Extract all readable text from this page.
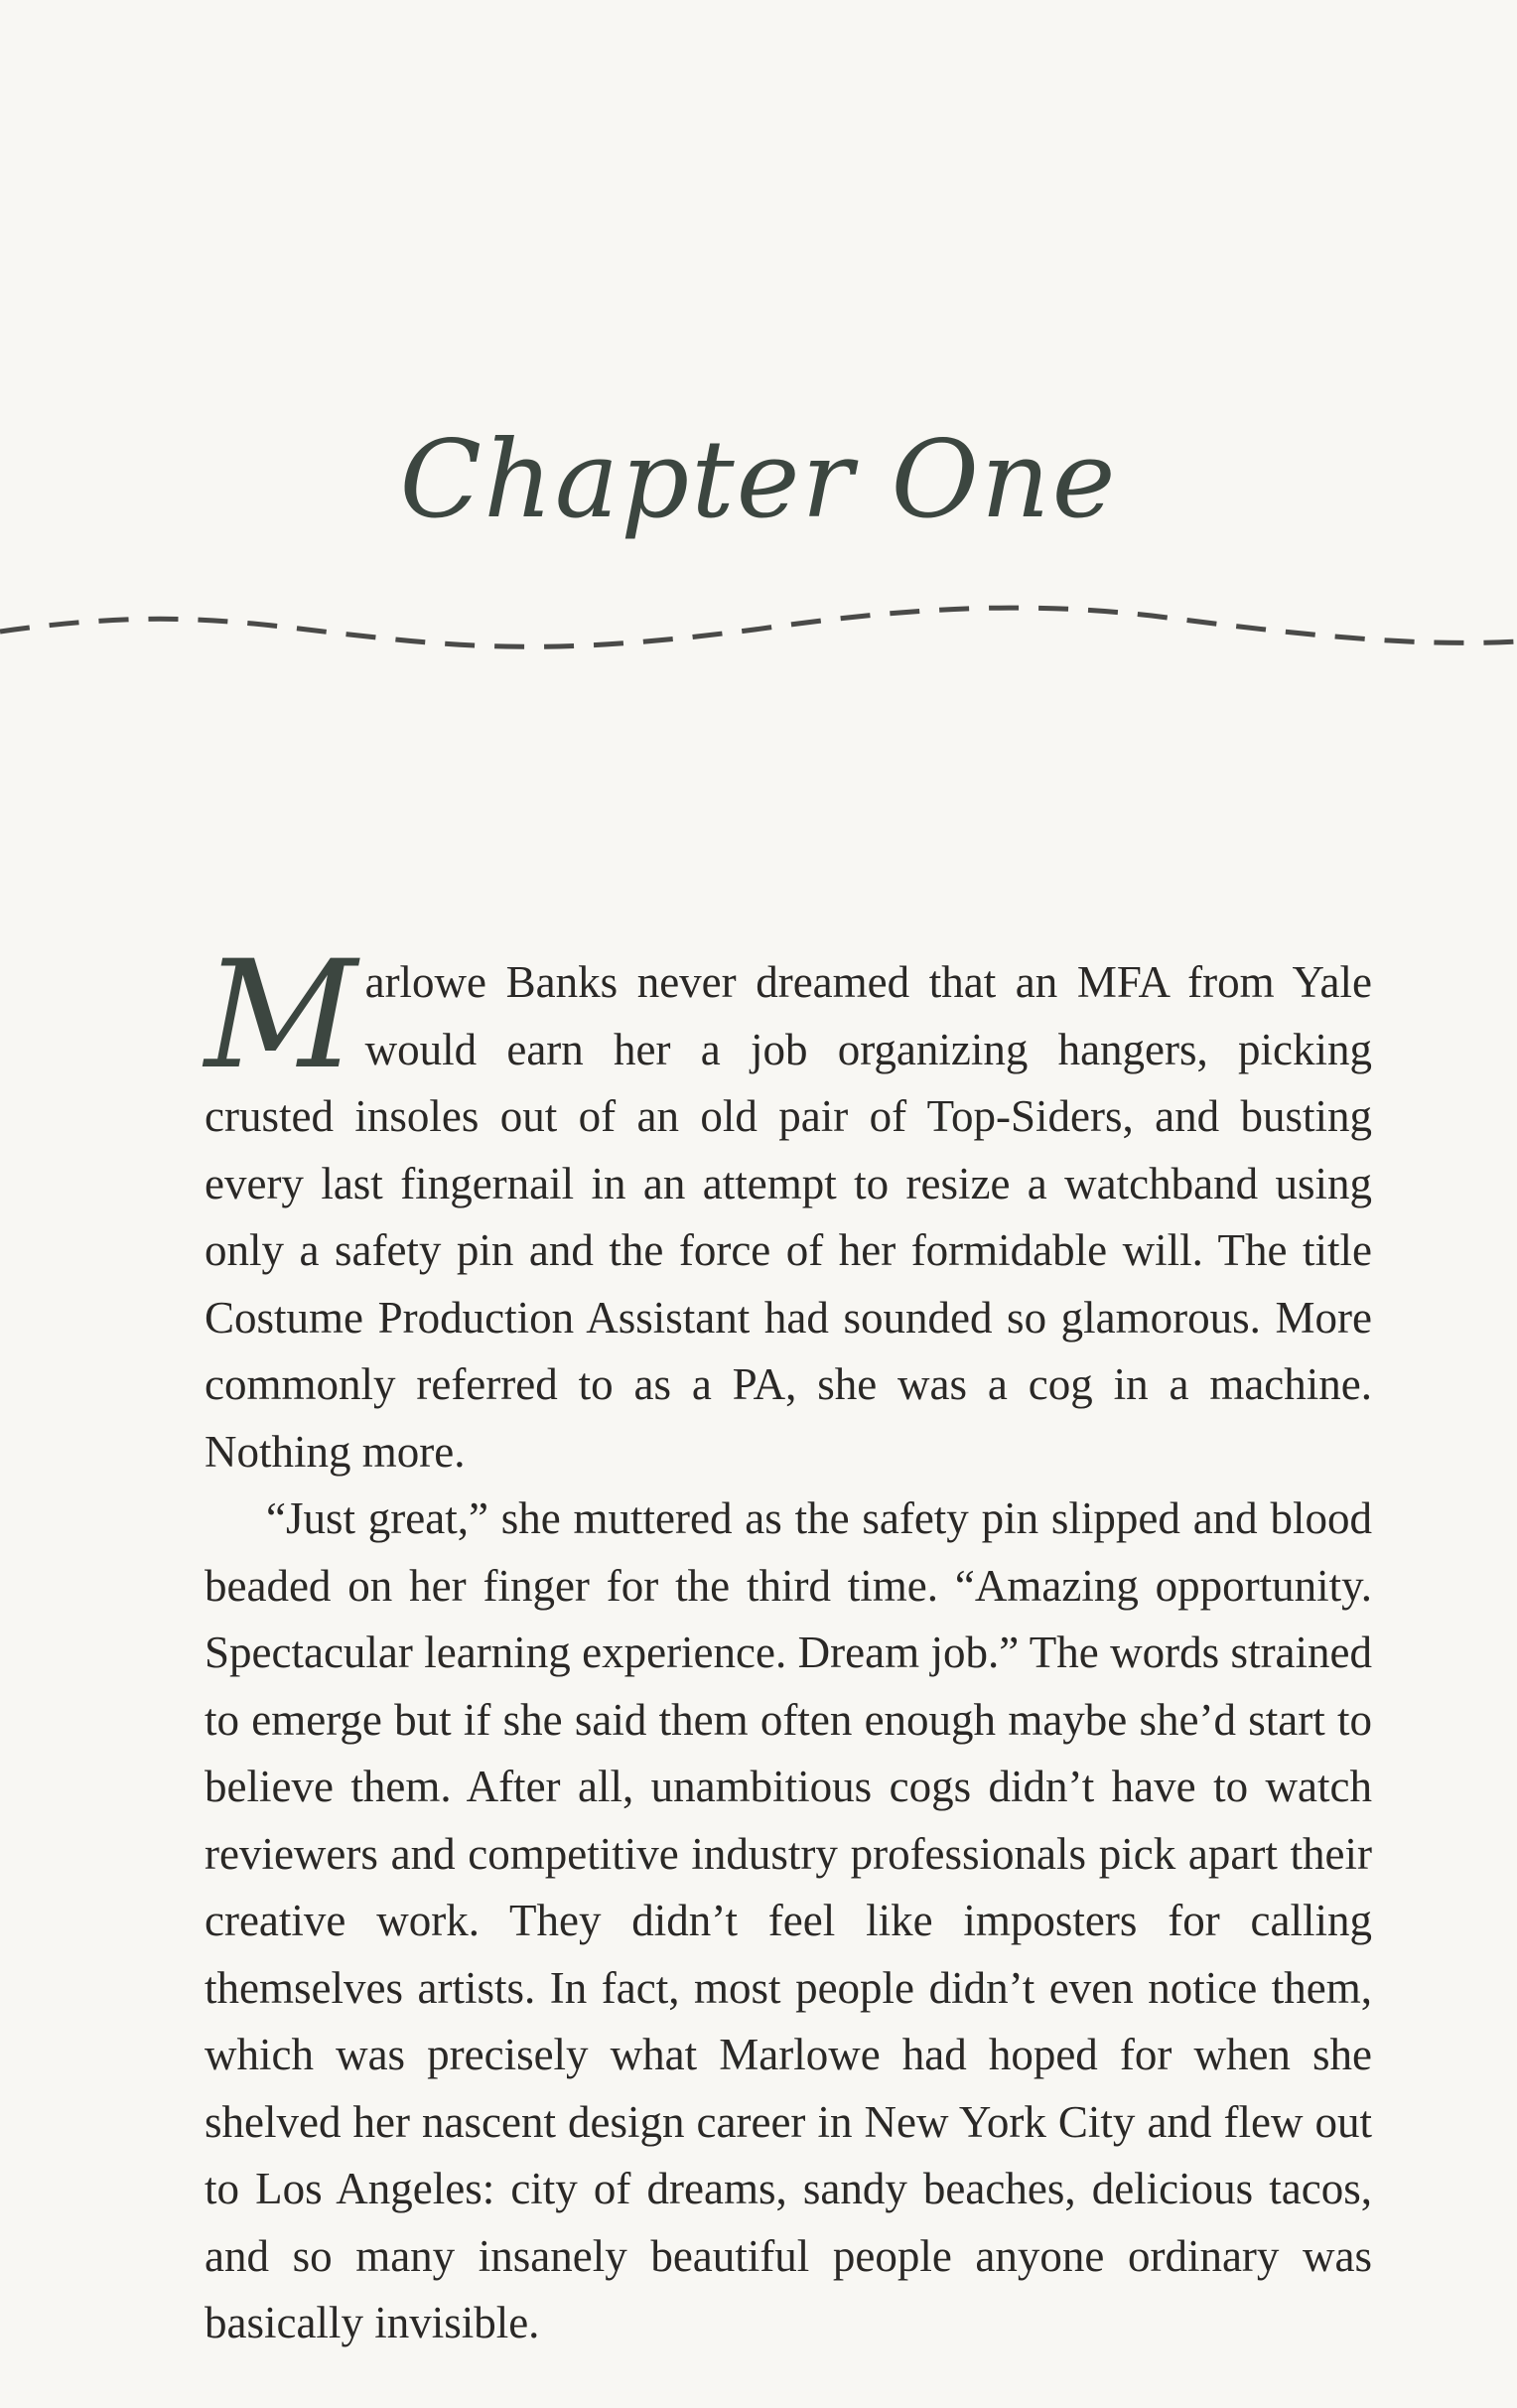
Chapter One

Marlowe Banks never dreamed that an MFA from Yale would earn her a job organizing hangers, picking crusted insoles out of an old pair of Top-Siders, and busting every last fingernail in an attempt to resize a watchband using only a safety pin and the force of her formidable will. The title Costume Production Assistant had sounded so glamorous. More commonly referred to as a PA, she was a cog in a machine. Nothing more.

“Just great,” she muttered as the safety pin slipped and blood beaded on her finger for the third time. “Amazing opportunity. Spectacular learning experience. Dream job.” The words strained to emerge but if she said them often enough maybe she’d start to believe them. After all, unambitious cogs didn’t have to watch reviewers and competitive industry professionals pick apart their creative work. They didn’t feel like imposters for calling themselves artists. In fact, most people didn’t even notice them, which was precisely what Marlowe had hoped for when she shelved her nascent design career in New York City and flew out to Los Angeles: city of dreams, sandy beaches, delicious tacos, and so many insanely beautiful people anyone ordinary was basically invisible.
